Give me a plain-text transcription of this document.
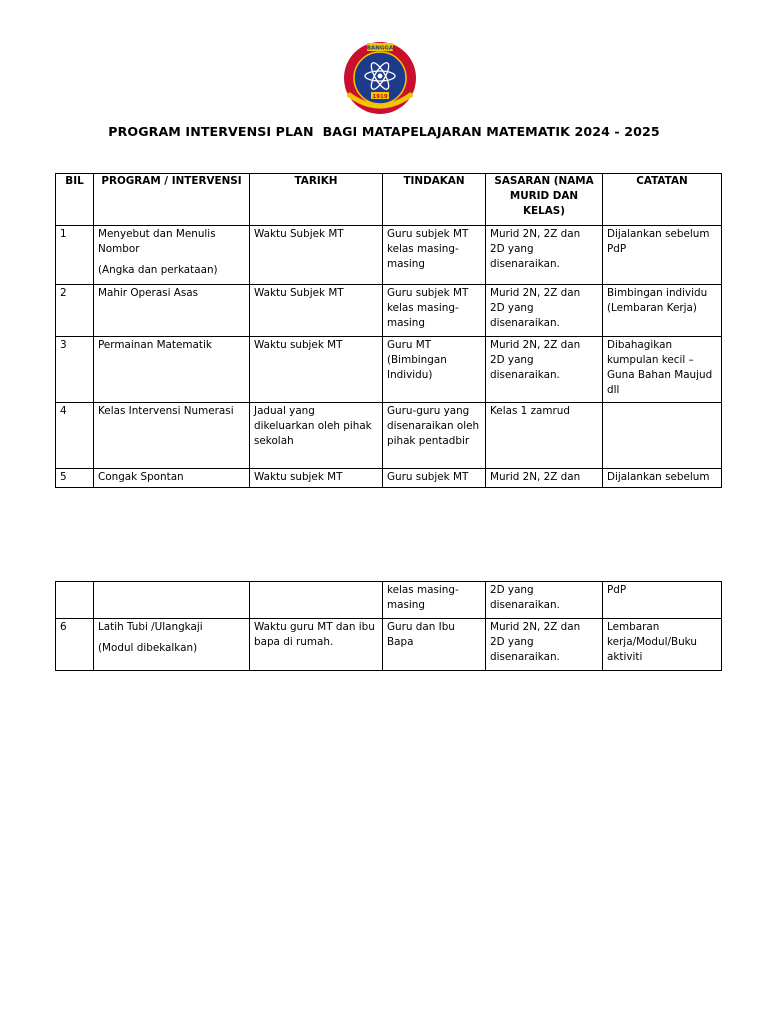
BANGGA
1919
PROGRAM INTERVENSI PLAN  BAGI MATAPELAJARAN MATEMATIK 2024 - 2025
BIL	PROGRAM / INTERVENSI	TARIKH	TINDAKAN	SASARAN (NAMA MURID DAN KELAS)	CATATAN
1	Menyebut dan Menulis Nombor

(Angka dan perkataan)	Waktu Subjek MT	Guru subjek MT kelas masing-masing	Murid 2N, 2Z dan 2D yang disenaraikan.	Dijalankan sebelum PdP
2	Mahir Operasi Asas	Waktu Subjek MT	Guru subjek MT kelas masing-masing	Murid 2N, 2Z dan 2D yang disenaraikan.	Bimbingan individu (Lembaran Kerja)
3	Permainan Matematik	Waktu subjek MT	Guru MT (Bimbingan Individu)	Murid 2N, 2Z dan 2D yang disenaraikan.	Dibahagikan kumpulan kecil – Guna Bahan Maujud dll
4	Kelas Intervensi Numerasi	Jadual yang dikeluarkan oleh pihak sekolah	Guru-guru yang disenaraikan oleh pihak pentadbir	Kelas 1 zamrud	
5	Congak Spontan	Waktu subjek MT	Guru subjek MT	Murid 2N, 2Z dan	Dijalankan sebelum
			kelas masing-masing	2D yang disenaraikan.	PdP
6	Latih Tubi /Ulangkaji

(Modul dibekalkan)	Waktu guru MT dan ibu bapa di rumah.	Guru dan Ibu Bapa	Murid 2N, 2Z dan 2D yang disenaraikan.	Lembaran kerja/Modul/Buku aktiviti
